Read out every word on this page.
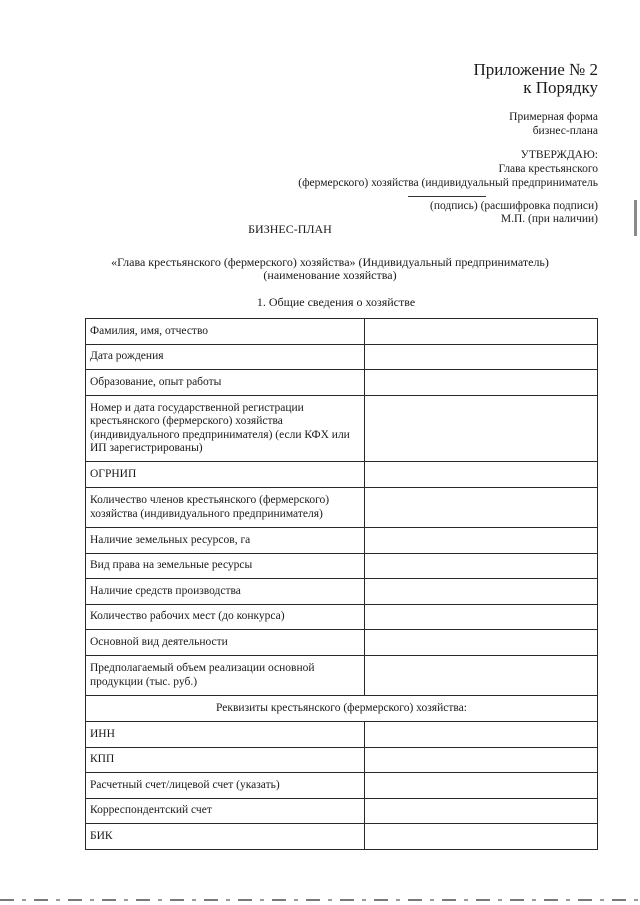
Приложение № 2
к Порядку
Примерная форма
бизнес-плана
УТВЕРЖДАЮ:
Глава крестьянского
(фермерского) хозяйства (индивидуальный предприниматель
(подпись) (расшифровка подписи)
М.П. (при наличии)
БИЗНЕС-ПЛАН
«Глава крестьянского (фермерского) хозяйства» (Индивидуальный предприниматель)
(наименование хозяйства)
1. Общие сведения о хозяйстве
Фамилия, имя, отчество	
Дата рождения	
Образование, опыт работы	
Номер и дата государственной регистрации крестьянского (фермерского) хозяйства (индивидуального предпринимателя) (если КФХ или ИП зарегистрированы)	
ОГРНИП	
Количество членов крестьянского (фермерского) хозяйства (индивидуального предпринимателя)	
Наличие земельных ресурсов, га	
Вид права на земельные ресурсы	
Наличие средств производства	
Количество рабочих мест (до конкурса)	
Основной вид деятельности	
Предполагаемый объем реализации основной продукции (тыс. руб.)	
Реквизиты крестьянского (фермерского) хозяйства:	
ИНН	
КПП	
Расчетный счет/лицевой счет (указать)	
Корреспондентский счет	
БИК	
